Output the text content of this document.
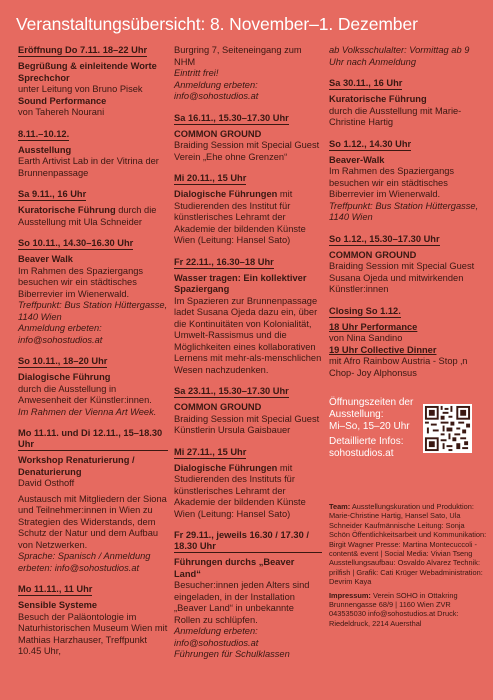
Veranstaltungsübersicht: 8. November–1. Dezember
Eröffnung Do 7.11. 18–22 Uhr
Begrüßung & einleitende Worte
Sprechchor
unter Leitung von Bruno Pisek
Sound Performance
von Tahereh Nourani
8.11.–10.12.
Ausstellung
Earth Artivist Lab in der Vitrina der Brunnenpassage
Sa 9.11., 16 Uhr
Kuratorische Führung durch die Ausstellung mit Ula Schneider
So 10.11., 14.30–16.30 Uhr
Beaver Walk
Im Rahmen des Spaziergangs besuchen wir ein städtisches Biberrevier im Wienerwald.
Treffpunkt: Bus Station Hüttergasse, 1140 Wien
Anmeldung erbeten: info@sohostudios.at
So 10.11., 18–20 Uhr
Dialogische Führung
durch die Ausstellung in Anwesenheit der Künstler:innen.
Im Rahmen der Vienna Art Week.
Mo 11.11. und Di 12.11., 15–18.30 Uhr
Workshop Renaturierung / Denaturierung
David Osthoff
Austausch mit Mitgliedern der Siona und Teilnehmer:innen in Wien zu Strategien des Widerstands, dem Schutz der Natur und dem Aufbau von Netzwerken.
Sprache: Spanisch / Anmeldung erbeten: info@sohostudios.at
Mo 11.11., 11 Uhr
Sensible Systeme
Besuch der Paläontologie im Naturhistorischen Museum Wien mit Mathias Harzhauser, Treffpunkt 10.45 Uhr,
Burgring 7, Seiteneingang zum NHM
Eintritt frei!
Anmeldung erbeten: info@sohostudios.at
Sa 16.11., 15.30–17.30 Uhr
COMMON GROUND
Braiding Session mit Special Guest Verein „Ehe ohne Grenzen“
Mi 20.11., 15 Uhr
Dialogische Führungen mit Studierenden des Institut für künstlerisches Lehramt der Akademie der bildenden Künste Wien (Leitung: Hansel Sato)
Fr 22.11., 16.30–18 Uhr
Wasser tragen: Ein kollektiver Spaziergang
Im Spazieren zur Brunnenpassage ladet Susana Ojeda dazu ein, über die Kontinuitäten von Kolonialität, Umwelt-Rassismus und die Möglichkeiten eines kollaborativen Lernens mit mehr-als-menschlichen Wesen nachzudenken.
Sa 23.11., 15.30–17.30 Uhr
COMMON GROUND
Braiding Session mit Special Guest Künstlerin Ursula Gaisbauer
Mi 27.11., 15 Uhr
Dialogische Führungen mit Studierenden des Instituts für künstlerisches Lehramt der Akademie der bildenden Künste Wien (Leitung: Hansel Sato)
Fr 29.11., jeweils 16.30 / 17.30 / 18.30 Uhr
Führungen durchs „Beaver Land“
Besucher:innen jeden Alters sind eingeladen, in der Installation „Beaver Land“ in unbekannte Rollen zu schlüpfen.
Anmeldung erbeten: info@sohostudios.at
Führungen für Schulklassen
ab Volksschulalter: Vormittag ab 9 Uhr nach Anmeldung
Sa 30.11., 16 Uhr
Kuratorische Führung
durch die Ausstellung mit Marie-Christine Hartig
So 1.12., 14.30 Uhr
Beaver-Walk
Im Rahmen des Spaziergangs besuchen wir ein städtisches Biberrevier im Wienerwald.
Treffpunkt: Bus Station Hüttergasse, 1140 Wien
So 1.12., 15.30–17.30 Uhr
COMMON GROUND
Braiding Session mit Special Guest Susana Ojeda und mitwirkenden Künstler:innen
Closing So 1.12.
18 Uhr Performance
von Nina Sandino
19 Uhr Collective Dinner
mit Afro Rainbow Austria - Stop ‚n Chop- Joy Alphonsus
Öffnungszeiten der Ausstellung:
Mi–So, 15–20 Uhr
Detaillierte Infos:
sohostudios.at
Team: Ausstellungskuration und Produktion: Marie-Christine Hartig, Hansel Sato, Ula Schneider Kaufmännische Leitung: Sonja Schön Öffentlichkeitsarbeit und Kommunikation: Birgit Wagner Presse: Martina Montecuccoli - content& event | Social Media: Vivian Tseng Ausstellungsaufbau: Osvaldo Alvarez Technik: prilfish | Grafik: Cati Krüger Webadministration: Devrim Kaya
Impressum: Verein SOHO in Ottakring Brunnengasse 68/9 | 1160 Wien ZVR 043535030 info@sohostudios.at Druck: Riedeldruck, 2214 Auersthal
